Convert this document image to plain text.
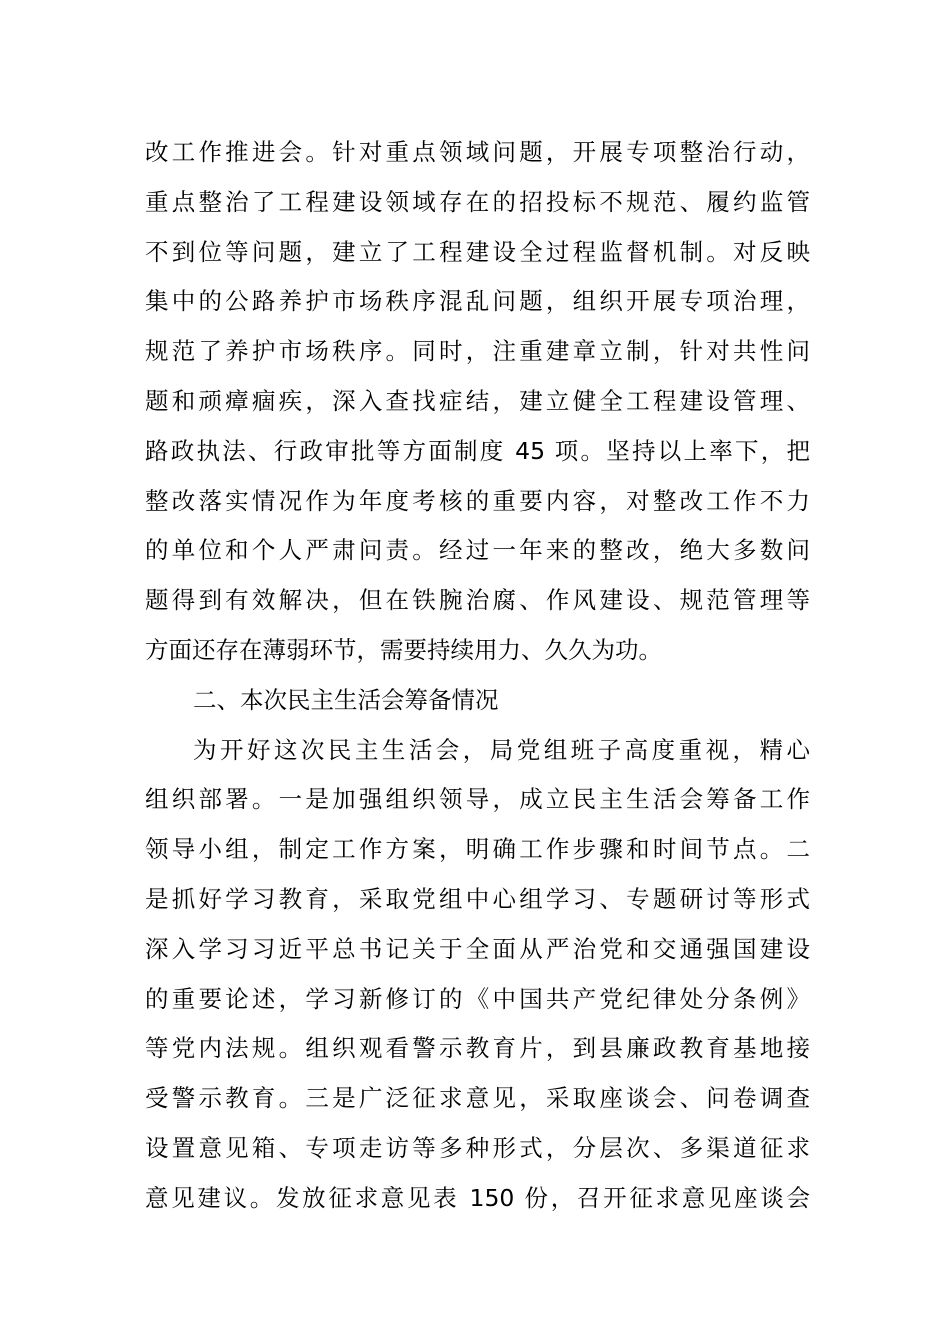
改工作推进会。针对重点领域问题，开展专项整治行动，
重点整治了工程建设领域存在的招投标不规范、履约监管
不到位等问题，建立了工程建设全过程监督机制。对反映
集中的公路养护市场秩序混乱问题，组织开展专项治理，
规范了养护市场秩序。同时，注重建章立制，针对共性问
题和顽瘴痼疾，深入查找症结，建立健全工程建设管理、
路政执法、行政审批等方面制度 45 项。坚持以上率下，把
整改落实情况作为年度考核的重要内容，对整改工作不力
的单位和个人严肃问责。经过一年来的整改，绝大多数问
题得到有效解决，但在铁腕治腐、作风建设、规范管理等
方面还存在薄弱环节，需要持续用力、久久为功。
二、本次民主生活会筹备情况
为开好这次民主生活会，局党组班子高度重视，精心
组织部署。一是加强组织领导，成立民主生活会筹备工作
领导小组，制定工作方案，明确工作步骤和时间节点。二
是抓好学习教育，采取党组中心组学习、专题研讨等形式
深入学习习近平总书记关于全面从严治党和交通强国建设
的重要论述，学习新修订的《中国共产党纪律处分条例》
等党内法规。组织观看警示教育片，到县廉政教育基地接
受警示教育。三是广泛征求意见，采取座谈会、问卷调查
设置意见箱、专项走访等多种形式，分层次、多渠道征求
意见建议。发放征求意见表 150 份，召开征求意见座谈会
